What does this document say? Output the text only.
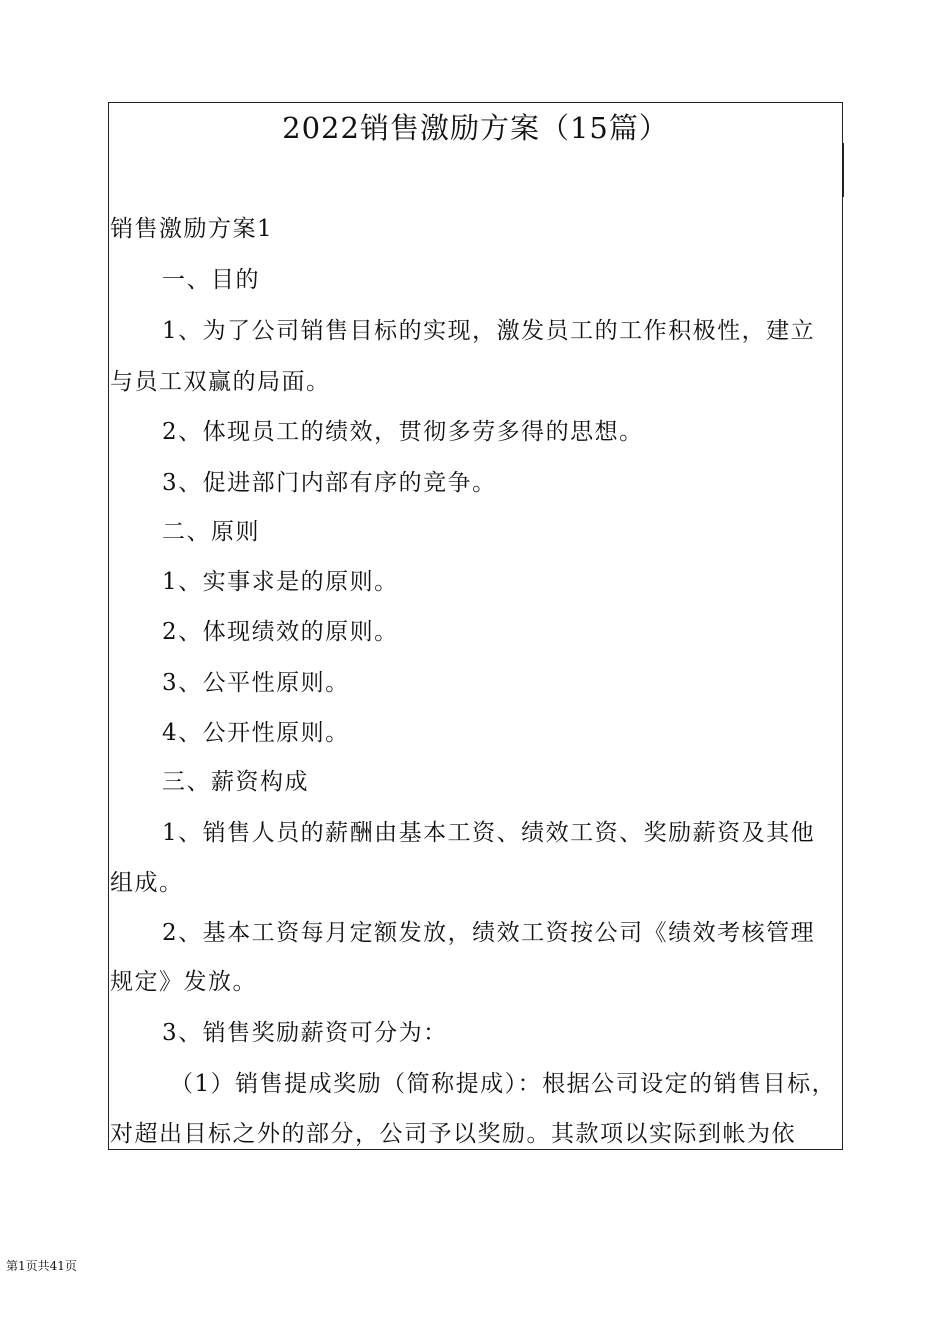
2022销售激励方案（15篇）
销售激励方案1
一、目的
1、为了公司销售目标的实现，激发员工的工作积极性，建立
与员工双赢的局面。
2、体现员工的绩效，贯彻多劳多得的思想。
3、促进部门内部有序的竞争。
二、原则
1、实事求是的原则。
2、体现绩效的原则。
3、公平性原则。
4、公开性原则。
三、薪资构成
1、销售人员的薪酬由基本工资、绩效工资、奖励薪资及其他
组成。
2、基本工资每月定额发放，绩效工资按公司《绩效考核管理
规定》发放。
3、销售奖励薪资可分为：
（1）销售提成奖励（简称提成）：根据公司设定的销售目标，
对超出目标之外的部分，公司予以奖励。其款项以实际到帐为依
第1页共41页
